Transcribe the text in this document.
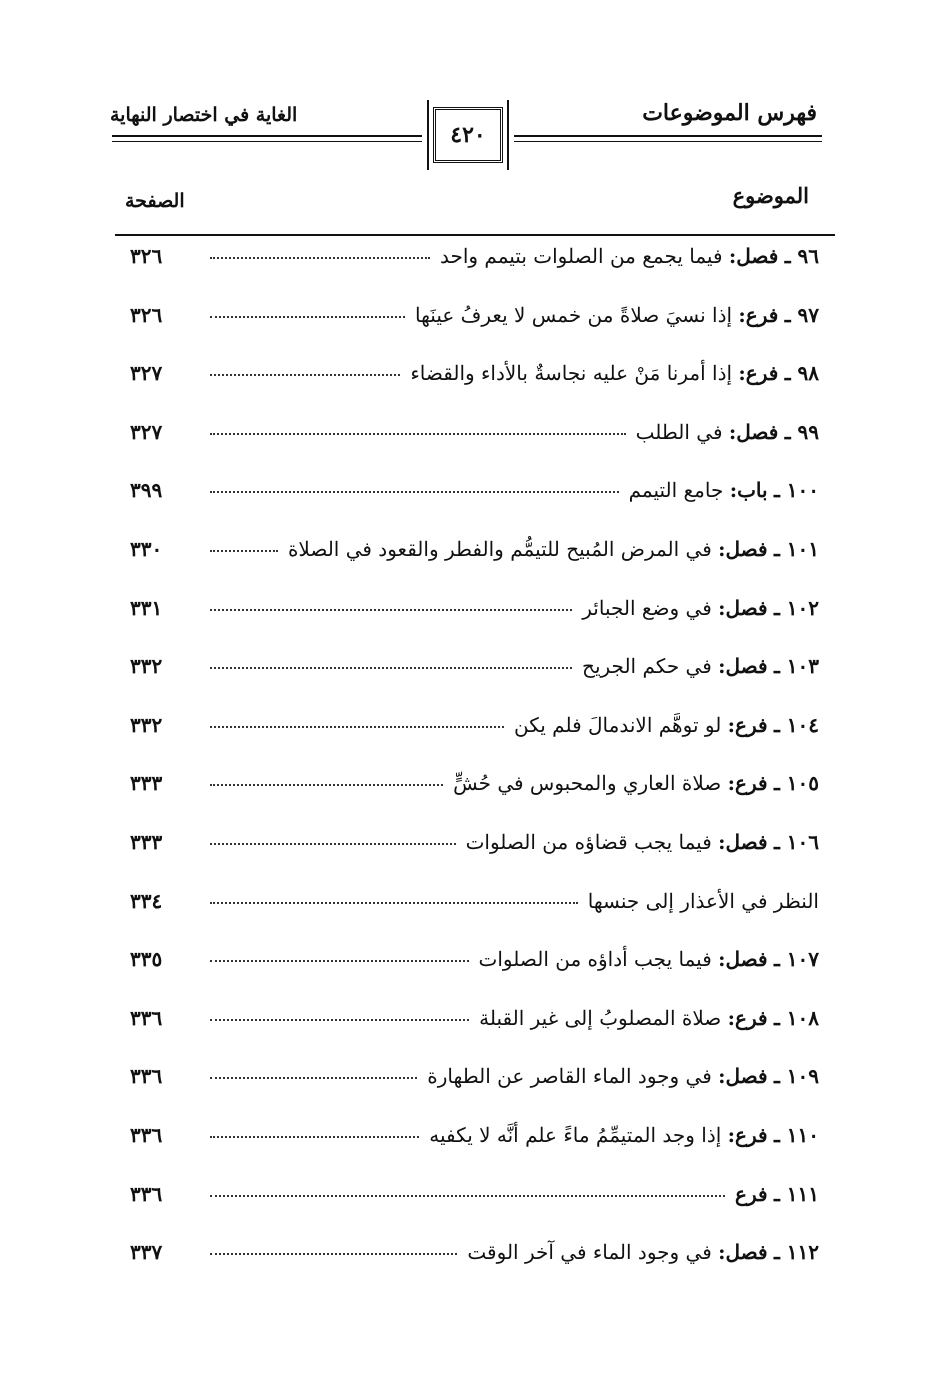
فهرس الموضوعات
الغاية في اختصار النهاية
٤٢٠
الموضوع
الصفحة
٩٦ ـ فصل: فيما يجمع من الصلوات بتيمم واحد
٣٢٦
٩٧ ـ فرع: إذا نسيَ صلاةً من خمس لا يعرفُ عينَها
٣٢٦
٩٨ ـ فرع: إذا أمرنا مَنْ عليه نجاسةٌ بالأداء والقضاء
٣٢٧
٩٩ ـ فصل: في الطلب
٣٢٧
١٠٠ ـ باب: جامع التيمم
٣٩٩
١٠١ ـ فصل: في المرض المُبيح للتيمُّم والفطر والقعود في الصلاة
٣٣٠
١٠٢ ـ فصل: في وضع الجبائر
٣٣١
١٠٣ ـ فصل: في حكم الجريح
٣٣٢
١٠٤ ـ فرع: لو توهَّم الاندمالَ فلم يكن
٣٣٢
١٠٥ ـ فرع: صلاة العاري والمحبوس في حُشٍّ
٣٣٣
١٠٦ ـ فصل: فيما يجب قضاؤه من الصلوات
٣٣٣
النظر في الأعذار إلى جنسها
٣٣٤
١٠٧ ـ فصل: فيما يجب أداؤه من الصلوات
٣٣٥
١٠٨ ـ فرع: صلاة المصلوبُ إلى غير القبلة
٣٣٦
١٠٩ ـ فصل: في وجود الماء القاصر عن الطهارة
٣٣٦
١١٠ ـ فرع: إذا وجد المتيمِّمُ ماءً علم أنَّه لا يكفيه
٣٣٦
١١١ ـ فرع
٣٣٦
١١٢ ـ فصل: في وجود الماء في آخر الوقت
٣٣٧
